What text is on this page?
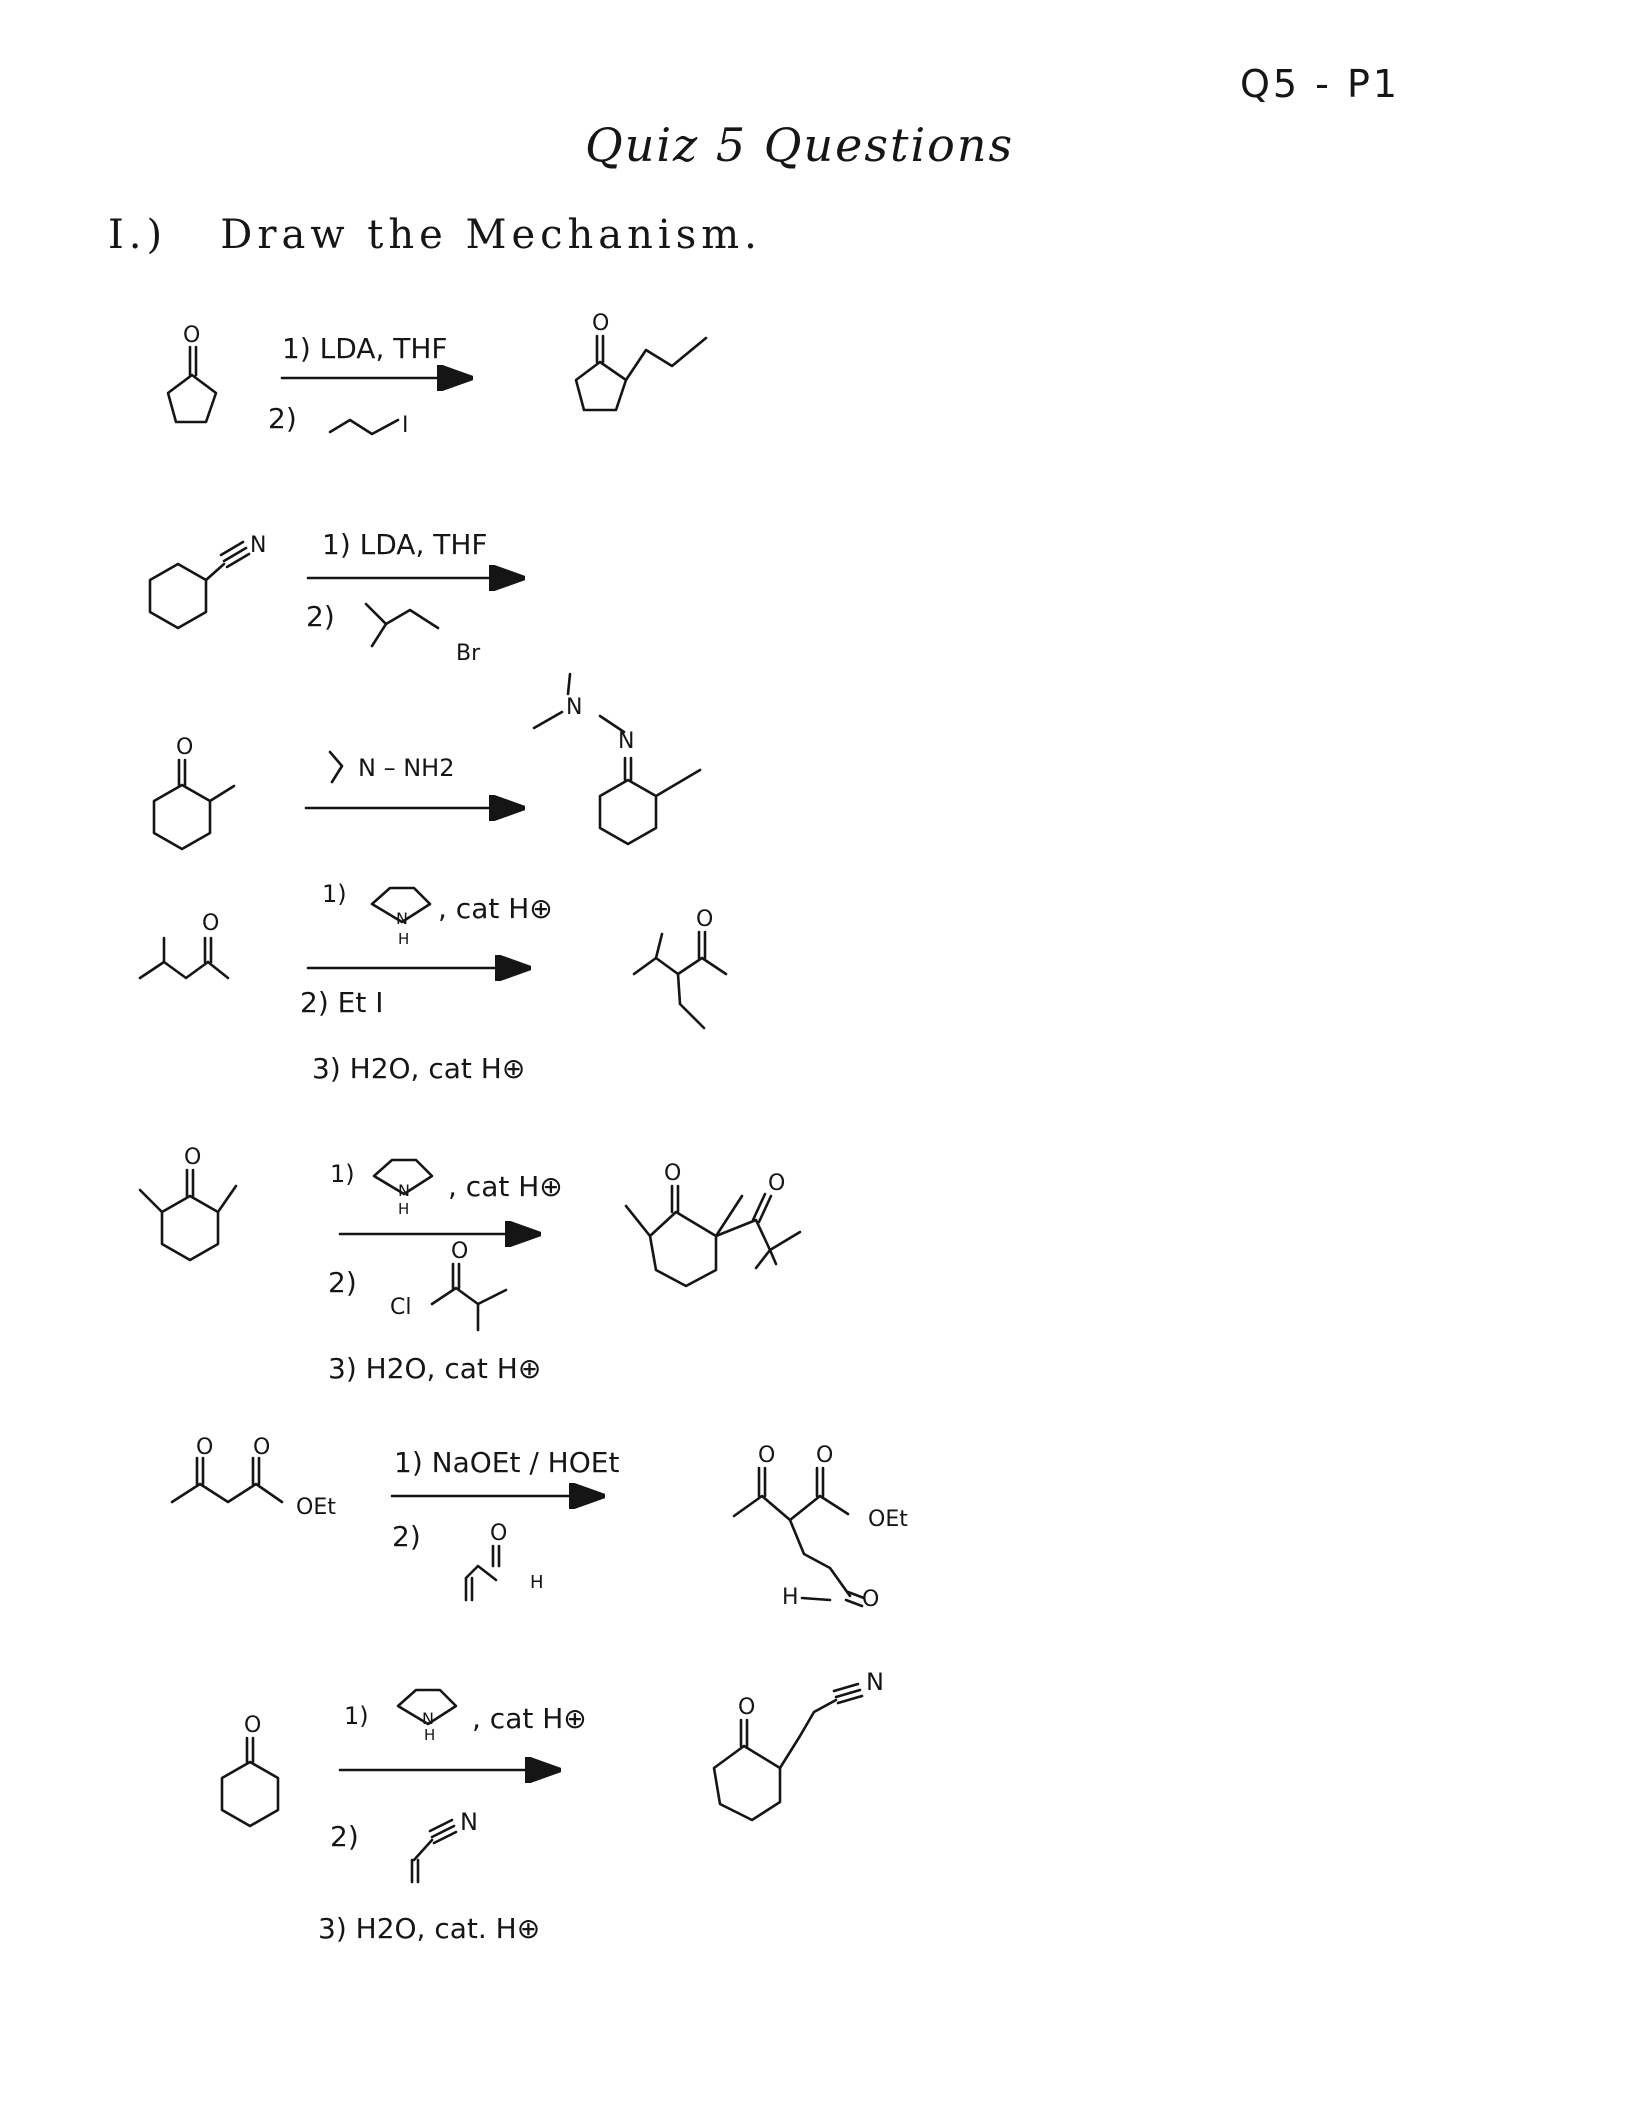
Q5 - P1
Quiz 5 Questions
I.) Draw the Mechanism.
1) LDA, THF
2)
1) LDA, THF
2)
N – NH2
1)	, cat H⊕
2) Et I
3) H2O, cat H⊕
1)	, cat H⊕
2)
3) H2O, cat H⊕
1) NaOEt / HOEt
2)
1)	, cat H⊕
2)
3) H2O, cat. H⊕
O
I
O
N
Br
O	N
N
O	N
H
O
O
N
H
Cl
O
O	O
O O
OEt
O
H
O O
OEt
H	O
O	N
H
N
O
N
